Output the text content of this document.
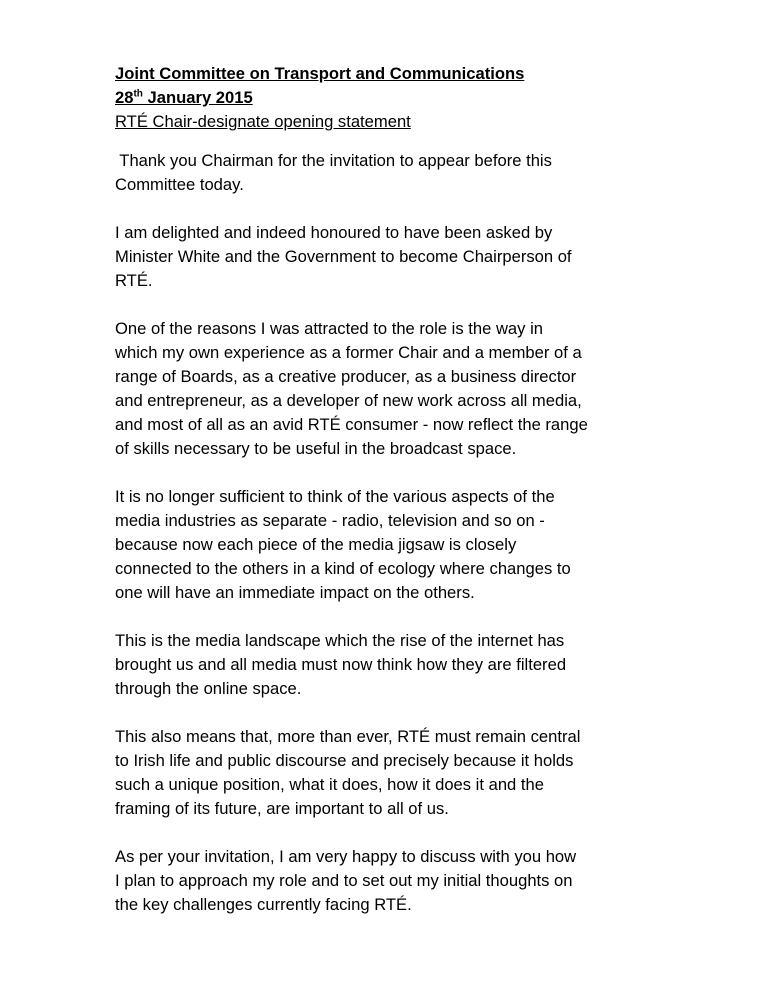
Joint Committee on Transport and Communications

28th January 2015

RTÉ Chair-designate opening statement

Thank you Chairman for the invitation to appear before this
Committee today.

I am delighted and indeed honoured to have been asked by
Minister White and the Government to become Chairperson of
RTÉ.

One of the reasons I was attracted to the role is the way in
which my own experience as a former Chair and a member of a
range of Boards, as a creative producer, as a business director
and entrepreneur, as a developer of new work across all media,
and most of all as an avid RTÉ consumer - now reflect the range
of skills necessary to be useful in the broadcast space.

It is no longer sufficient to think of the various aspects of the
media industries as separate - radio, television and so on -
because now each piece of the media jigsaw is closely
connected to the others in a kind of ecology where changes to
one will have an immediate impact on the others.

This is the media landscape which the rise of the internet has
brought us and all media must now think how they are filtered
through the online space.

This also means that, more than ever, RTÉ must remain central
to Irish life and public discourse and precisely because it holds
such a unique position, what it does, how it does it and the
framing of its future, are important to all of us.

As per your invitation, I am very happy to discuss with you how
I plan to approach my role and to set out my initial thoughts on
the key challenges currently facing RTÉ.
